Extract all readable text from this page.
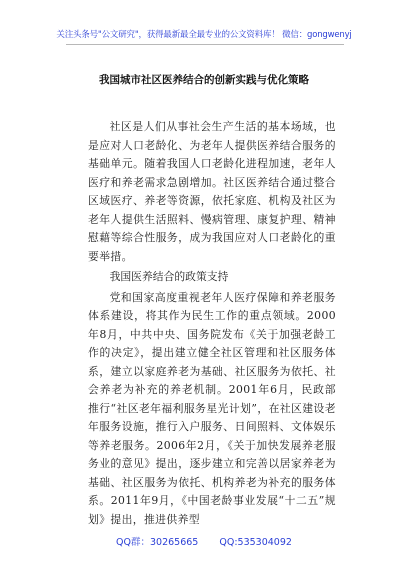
关注头条号"公文研究"，获得最新最全最专业的公文资料库！ 微信：gongwenyj
我国城市社区医养结合的创新实践与优化策略

社区是人们从事社会生产生活的基本场域，也是应对人口老龄化、为老年人提供医养结合服务的基础单元。随着我国人口老龄化进程加速，老年人医疗和养老需求急剧增加。社区医养结合通过整合区域医疗、养老等资源，依托家庭、机构及社区为老年人提供生活照料、慢病管理、康复护理、精神慰藉等综合性服务，成为我国应对人口老龄化的重要举措。

我国医养结合的政策支持

党和国家高度重视老年人医疗保障和养老服务体系建设，将其作为民生工作的重点领域。2000年8月，中共中央、国务院发布《关于加强老龄工作的决定》，提出建立健全社区管理和社区服务体系，建立以家庭养老为基础、社区服务为依托、社会养老为补充的养老机制。2001年6月，民政部推行“社区老年福利服务星光计划”，在社区建设老年服务设施，推行入户服务、日间照料、文体娱乐等养老服务。2006年2月，《关于加快发展养老服务业的意见》提出，逐步建立和完善以居家养老为基础、社区服务为依托、机构养老为补充的服务体系。2011年9月，《中国老龄事业发展“十二五”规划》提出，推进供养型

QQ群：30265665 QQ:535304092
